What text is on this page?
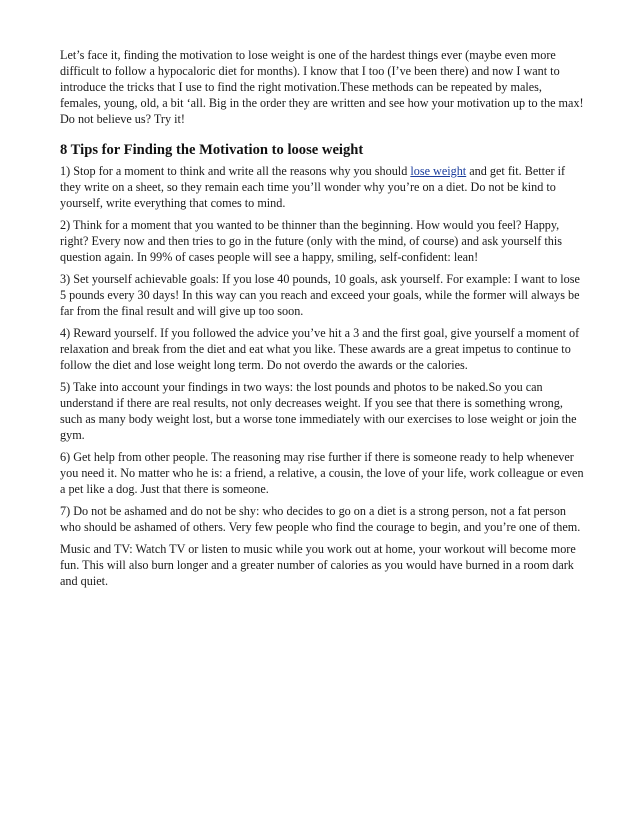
Let’s face it, finding the motivation to lose weight is one of the hardest things ever (maybe even more difficult to follow a hypocaloric diet for months). I know that I too (I’ve been there) and now I want to introduce the tricks that I use to find the right motivation.These methods can be repeated by males, females, young, old, a bit ‘all. Big in the order they are written and see how your motivation up to the max! Do not believe us? Try it!

8 Tips for Finding the Motivation to loose weight

1) Stop for a moment to think and write all the reasons why you should lose weight and get fit. Better if they write on a sheet, so they remain each time you’ll wonder why you’re on a diet. Do not be kind to yourself, write everything that comes to mind.

2) Think for a moment that you wanted to be thinner than the beginning. How would you feel? Happy, right? Every now and then tries to go in the future (only with the mind, of course) and ask yourself this question again. In 99% of cases people will see a happy, smiling, self-confident: lean!

3) Set yourself achievable goals: If you lose 40 pounds, 10 goals, ask yourself. For example: I want to lose 5 pounds every 30 days! In this way can you reach and exceed your goals, while the former will always be far from the final result and will give up too soon.

4) Reward yourself. If you followed the advice you’ve hit a 3 and the first goal, give yourself a moment of relaxation and break from the diet and eat what you like. These awards are a great impetus to continue to follow the diet and lose weight long term. Do not overdo the awards or the calories.

5) Take into account your findings in two ways: the lost pounds and photos to be naked.So you can understand if there are real results, not only decreases weight. If you see that there is something wrong, such as many body weight lost, but a worse tone immediately with our exercises to lose weight or join the gym.

6) Get help from other people. The reasoning may rise further if there is someone ready to help whenever you need it. No matter who he is: a friend, a relative, a cousin, the love of your life, work colleague or even a pet like a dog. Just that there is someone.

7) Do not be ashamed and do not be shy: who decides to go on a diet is a strong person, not a fat person who should be ashamed of others. Very few people who find the courage to begin, and you’re one of them.

Music and TV: Watch TV or listen to music while you work out at home, your workout will become more fun. This will also burn longer and a greater number of calories as you would have burned in a room dark and quiet.
